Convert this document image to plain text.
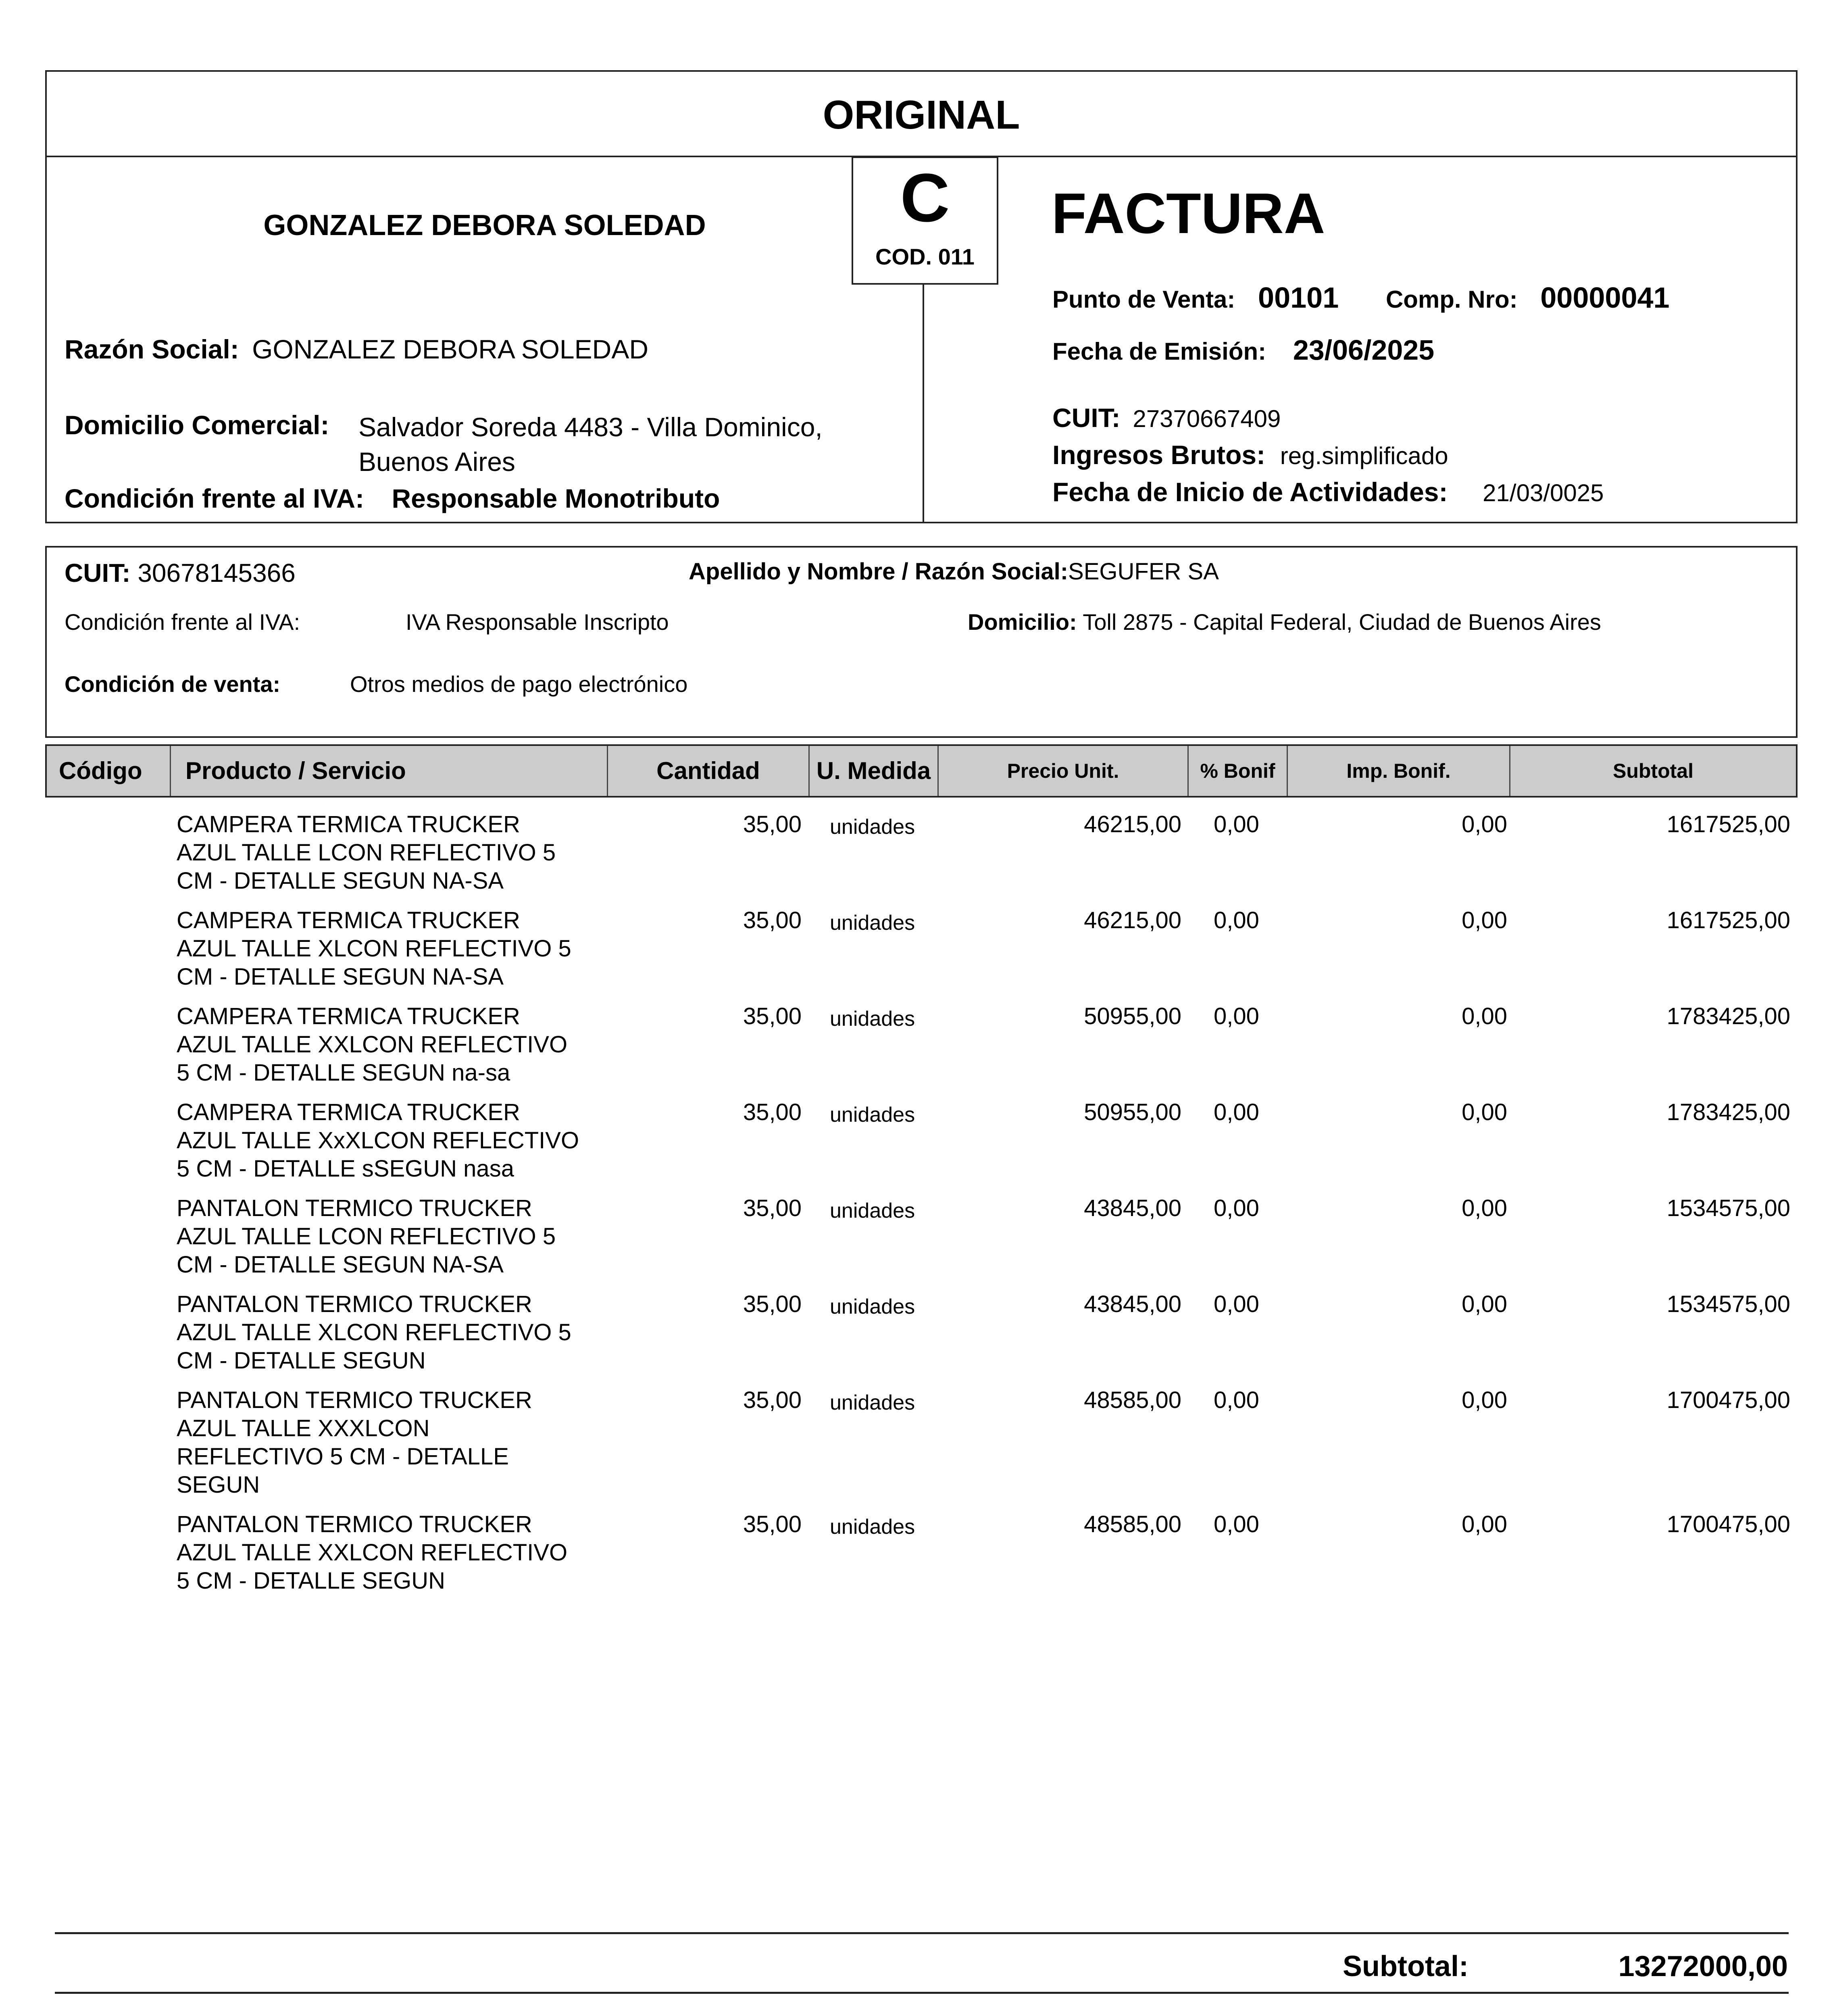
ORIGINAL
GONZALEZ DEBORA SOLEDAD
Razón Social: GONZALEZ DEBORA SOLEDAD
Domicilio Comercial: Salvador Soreda 4483 - Villa Dominico,
Buenos Aires
Condición frente al IVA: Responsable Monotributo
FACTURA
Punto de Venta: 00101 Comp. Nro: 00000041
Fecha de Emisión: 23/06/2025
CUIT: 27370667409
Ingresos Brutos: reg.simplificado
Fecha de Inicio de Actividades: 21/03/0025
C
COD. 011
CUIT: 30678145366	Apellido y Nombre / Razón Social:SEGUFER SA
Condición frente al IVA:	IVA Responsable Inscripto	Domicilio: Toll 2875 - Capital Federal, Ciudad de Buenos Aires
Condición de venta:	Otros medios de pago electrónico
Código	Producto / Servicio	Cantidad	U. Medida	Precio Unit.	% Bonif	Imp. Bonif.	Subtotal
CAMPERA TERMICA TRUCKER
AZUL TALLE LCON REFLECTIVO 5
CM - DETALLE SEGUN NA-SA
35,00 unidades	46215,00 0,00	0,00	1617525,00
CAMPERA TERMICA TRUCKER
AZUL TALLE XLCON REFLECTIVO 5
CM - DETALLE SEGUN NA-SA
35,00 unidades	46215,00 0,00	0,00	1617525,00
CAMPERA TERMICA TRUCKER
AZUL TALLE XXLCON REFLECTIVO
5 CM - DETALLE SEGUN na-sa
35,00 unidades	50955,00 0,00	0,00	1783425,00
CAMPERA TERMICA TRUCKER
AZUL TALLE XxXLCON REFLECTIVO
5 CM - DETALLE sSEGUN nasa
35,00 unidades	50955,00 0,00	0,00	1783425,00
PANTALON TERMICO TRUCKER
AZUL TALLE LCON REFLECTIVO 5
CM - DETALLE SEGUN NA-SA
35,00 unidades	43845,00 0,00	0,00	1534575,00
PANTALON TERMICO TRUCKER
AZUL TALLE XLCON REFLECTIVO 5
CM - DETALLE SEGUN
35,00 unidades	43845,00 0,00	0,00	1534575,00
PANTALON TERMICO TRUCKER
AZUL TALLE XXXLCON
REFLECTIVO 5 CM - DETALLE
SEGUN
35,00 unidades	48585,00 0,00	0,00	1700475,00
PANTALON TERMICO TRUCKER
AZUL TALLE XXLCON REFLECTIVO
5 CM - DETALLE SEGUN
35,00 unidades	48585,00 0,00	0,00	1700475,00
Subtotal:	13272000,00
